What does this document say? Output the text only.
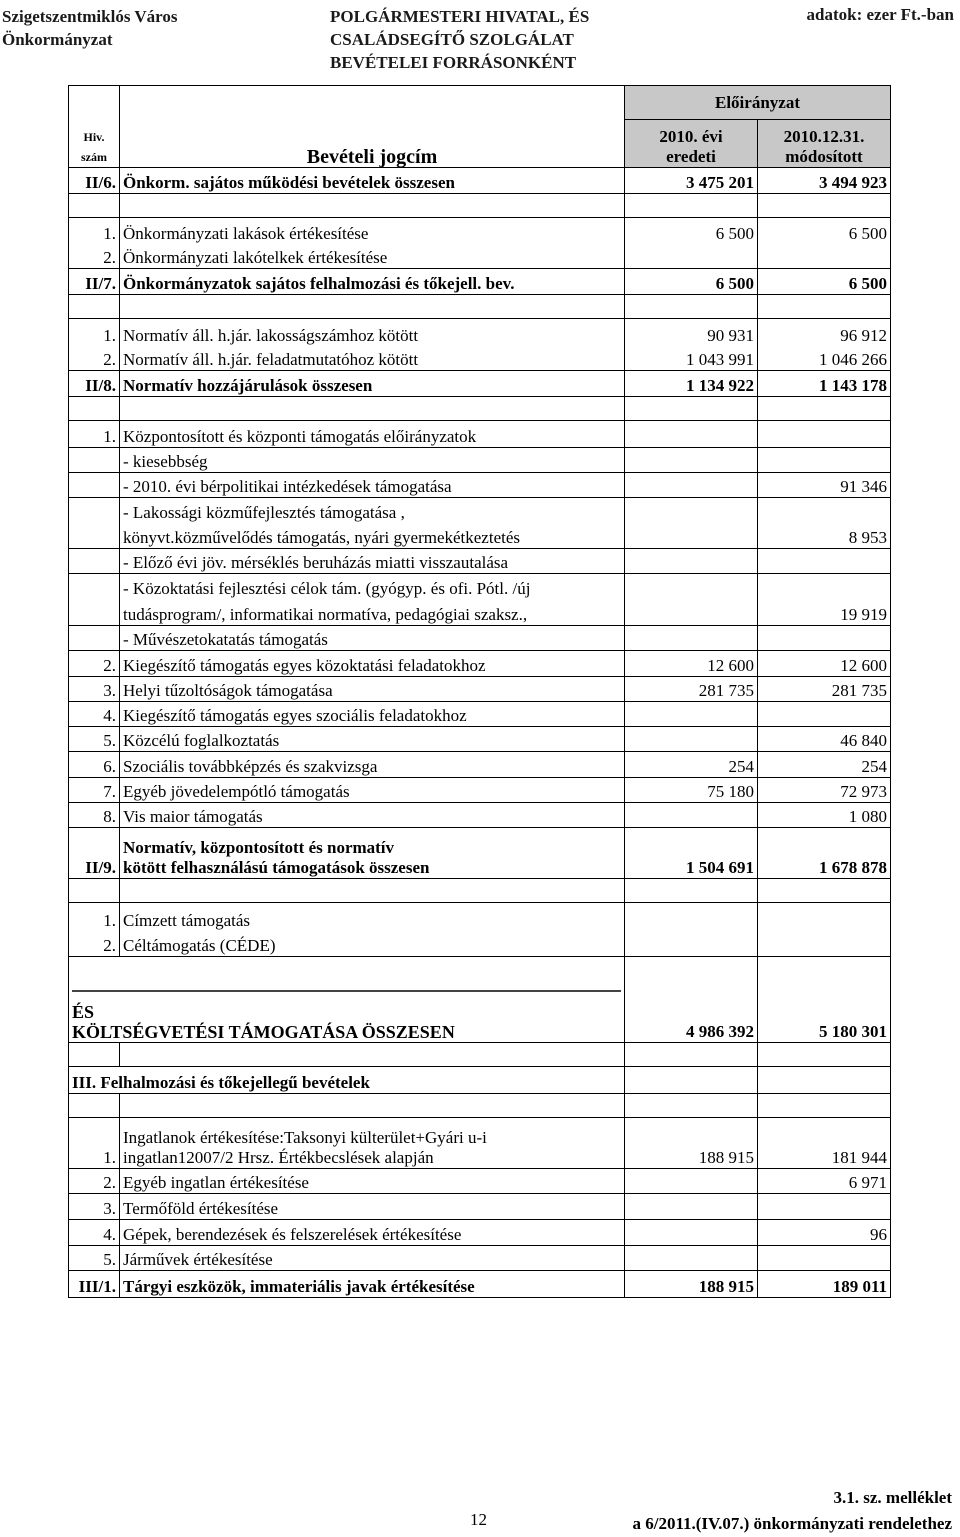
Szigetszentmiklós Város
Önkormányzat
POLGÁRMESTERI HIVATAL, ÉS
CSALÁDSEGÍTŐ SZOLGÁLAT
BEVÉTELEI FORRÁSONKÉNT
adatok: ezer Ft.-ban
		Előirányzat	
Hiv.		2010. évi	2010.12.31.
szám	Bevételi jogcím	eredeti	módosított
II/6.	Önkorm. sajátos működési bevételek összesen	3 475 201	3 494 923

1.	Önkormányzati lakások értékesítése	6 500	6 500
2.	Önkormányzati lakótelkek értékesítése		
II/7.	Önkormányzatok sajátos felhalmozási és tőkejell. bev.	6 500	6 500

1.	Normatív áll. h.jár. lakosságszámhoz kötött	90 931	96 912
2.	Normatív áll. h.jár. feladatmutatóhoz kötött	1 043 991	1 046 266
II/8.	Normatív hozzájárulások összesen	1 134 922	1 143 178

1.	Központosított és központi támogatás előirányzatok		
	- kiesebbség		
	- 2010. évi bérpolitikai intézkedések támogatása		91 346
	- Lakossági közműfejlesztés támogatása ,		
	könyvt.közművelődés támogatás, nyári gyermekétkeztetés		8 953
	- Előző évi jöv. mérséklés beruházás miatti visszautalása		
	- Közoktatási fejlesztési célok tám. (gyógyp. és ofi. Pótl. /új		
	tudásprogram/, informatikai normatíva, pedagógiai szaksz.,		19 919
	- Művészetokatatás támogatás		
2.	Kiegészítő támogatás egyes közoktatási feladatokhoz	12 600	12 600
3.	Helyi tűzoltóságok támogatása	281 735	281 735
4.	Kiegészítő támogatás egyes szociális feladatokhoz		
5.	Közcélú foglalkoztatás		46 840
6.	Szociális továbbképzés és szakvizsga	254	254
7.	Egyéb jövedelempótló támogatás	75 180	72 973
8.	Vis maior támogatás		1 080
II/9.	Normatív, központosított és normatív
kötött felhasználású támogatások összesen	1 504 691	1 678 878

1.	Címzett támogatás		
2.	Céltámogatás (CÉDE)		

ÉS
KÖLTSÉGVETÉSI TÁMOGATÁSA ÖSSZESEN		4 986 392	5 180 301

III. Felhalmozási és tőkejellegű bevételek			

1.	Ingatlanok értékesítése:Taksonyi külterület+Gyári u-i
ingatlan12007/2 Hrsz. Értékbecslések alapján	188 915	181 944
2.	Egyéb ingatlan értékesítése		6 971
3.	Termőföld értékesítése		
4.	Gépek, berendezések és felszerelések értékesítése		96
5.	Járművek értékesítése		
III/1.	Tárgyi eszközök, immateriális javak értékesítése	188 915	189 011
12
3.1. sz. melléklet
a 6/2011.(IV.07.) önkormányzati rendelethez
